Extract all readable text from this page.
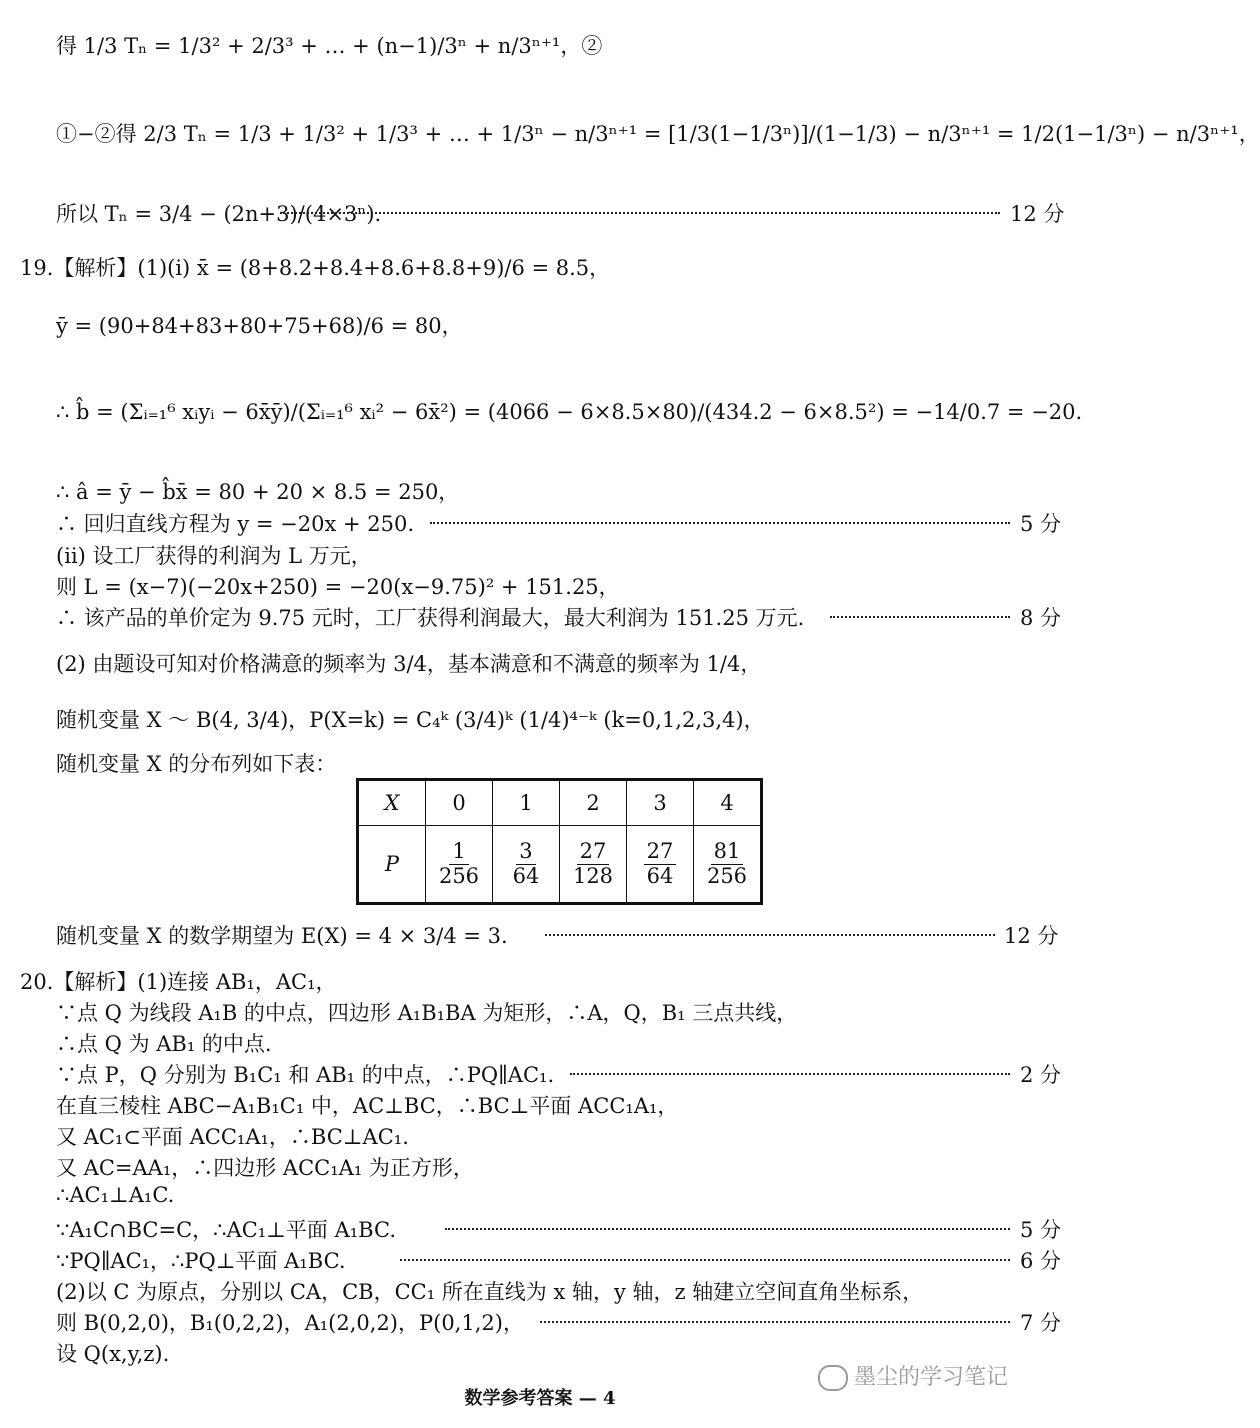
得 1/3 Tₙ = 1/3² + 2/3³ + … + (n−1)/3ⁿ + n/3ⁿ⁺¹，②
①−②得 2/3 Tₙ = 1/3 + 1/3² + 1/3³ + … + 1/3ⁿ − n/3ⁿ⁺¹ = [1/3(1−1/3ⁿ)]/(1−1/3) − n/3ⁿ⁺¹ = 1/2(1−1/3ⁿ) − n/3ⁿ⁺¹，
所以 Tₙ = 3/4 − (2n+3)/(4×3ⁿ).	12 分
19.【解析】(1)(ⅰ) x̄ = (8+8.2+8.4+8.6+8.8+9)/6 = 8.5，
ȳ = (90+84+83+80+75+68)/6 = 80，
∴ b̂ = (Σᵢ₌₁⁶ xᵢyᵢ − 6x̄ȳ)/(Σᵢ₌₁⁶ xᵢ² − 6x̄²) = (4066 − 6×8.5×80)/(434.2 − 6×8.5²) = −14/0.7 = −20.
∴ â = ȳ − b̂x̄ = 80 + 20 × 8.5 = 250，
∴ 回归直线方程为 y = −20x + 250.	5 分
(ⅱ) 设工厂获得的利润为 L 万元，
则 L = (x−7)(−20x+250) = −20(x−9.75)² + 151.25，
∴ 该产品的单价定为 9.75 元时，工厂获得利润最大，最大利润为 151.25 万元.	8 分
(2) 由题设可知对价格满意的频率为 3/4，基本满意和不满意的频率为 1/4，
随机变量 X ～ B(4, 3/4)，P(X=k) = C₄ᵏ (3/4)ᵏ (1/4)⁴⁻ᵏ (k=0,1,2,3,4)，
随机变量 X 的分布列如下表：
X	0	1	2	3	4
P	$\frac{1}{256}$	$\frac{3}{64}$	$\frac{27}{128}$	$\frac{27}{64}$	$\frac{81}{256}$
随机变量 X 的数学期望为 E(X) = 4 × 3/4 = 3.	12 分
20.【解析】(1)连接 AB₁，AC₁，
∵点 Q 为线段 A₁B 的中点，四边形 A₁B₁BA 为矩形，∴A，Q，B₁ 三点共线，
∴点 Q 为 AB₁ 的中点.
∵点 P，Q 分别为 B₁C₁ 和 AB₁ 的中点，∴PQ∥AC₁.	2 分
在直三棱柱 ABC−A₁B₁C₁ 中，AC⊥BC，∴BC⊥平面 ACC₁A₁，
又 AC₁⊂平面 ACC₁A₁，∴BC⊥AC₁.
又 AC=AA₁，∴四边形 ACC₁A₁ 为正方形，
∴AC₁⊥A₁C.
∵A₁C∩BC=C，∴AC₁⊥平面 A₁BC.	5 分
∵PQ∥AC₁，∴PQ⊥平面 A₁BC.	6 分
(2)以 C 为原点，分别以 CA，CB，CC₁ 所在直线为 x 轴，y 轴，z 轴建立空间直角坐标系，
则 B(0,2,0)，B₁(0,2,2)，A₁(2,0,2)，P(0,1,2)，	7 分
设 Q(x,y,z).
墨尘的学习笔记
数学参考答案 — 4
